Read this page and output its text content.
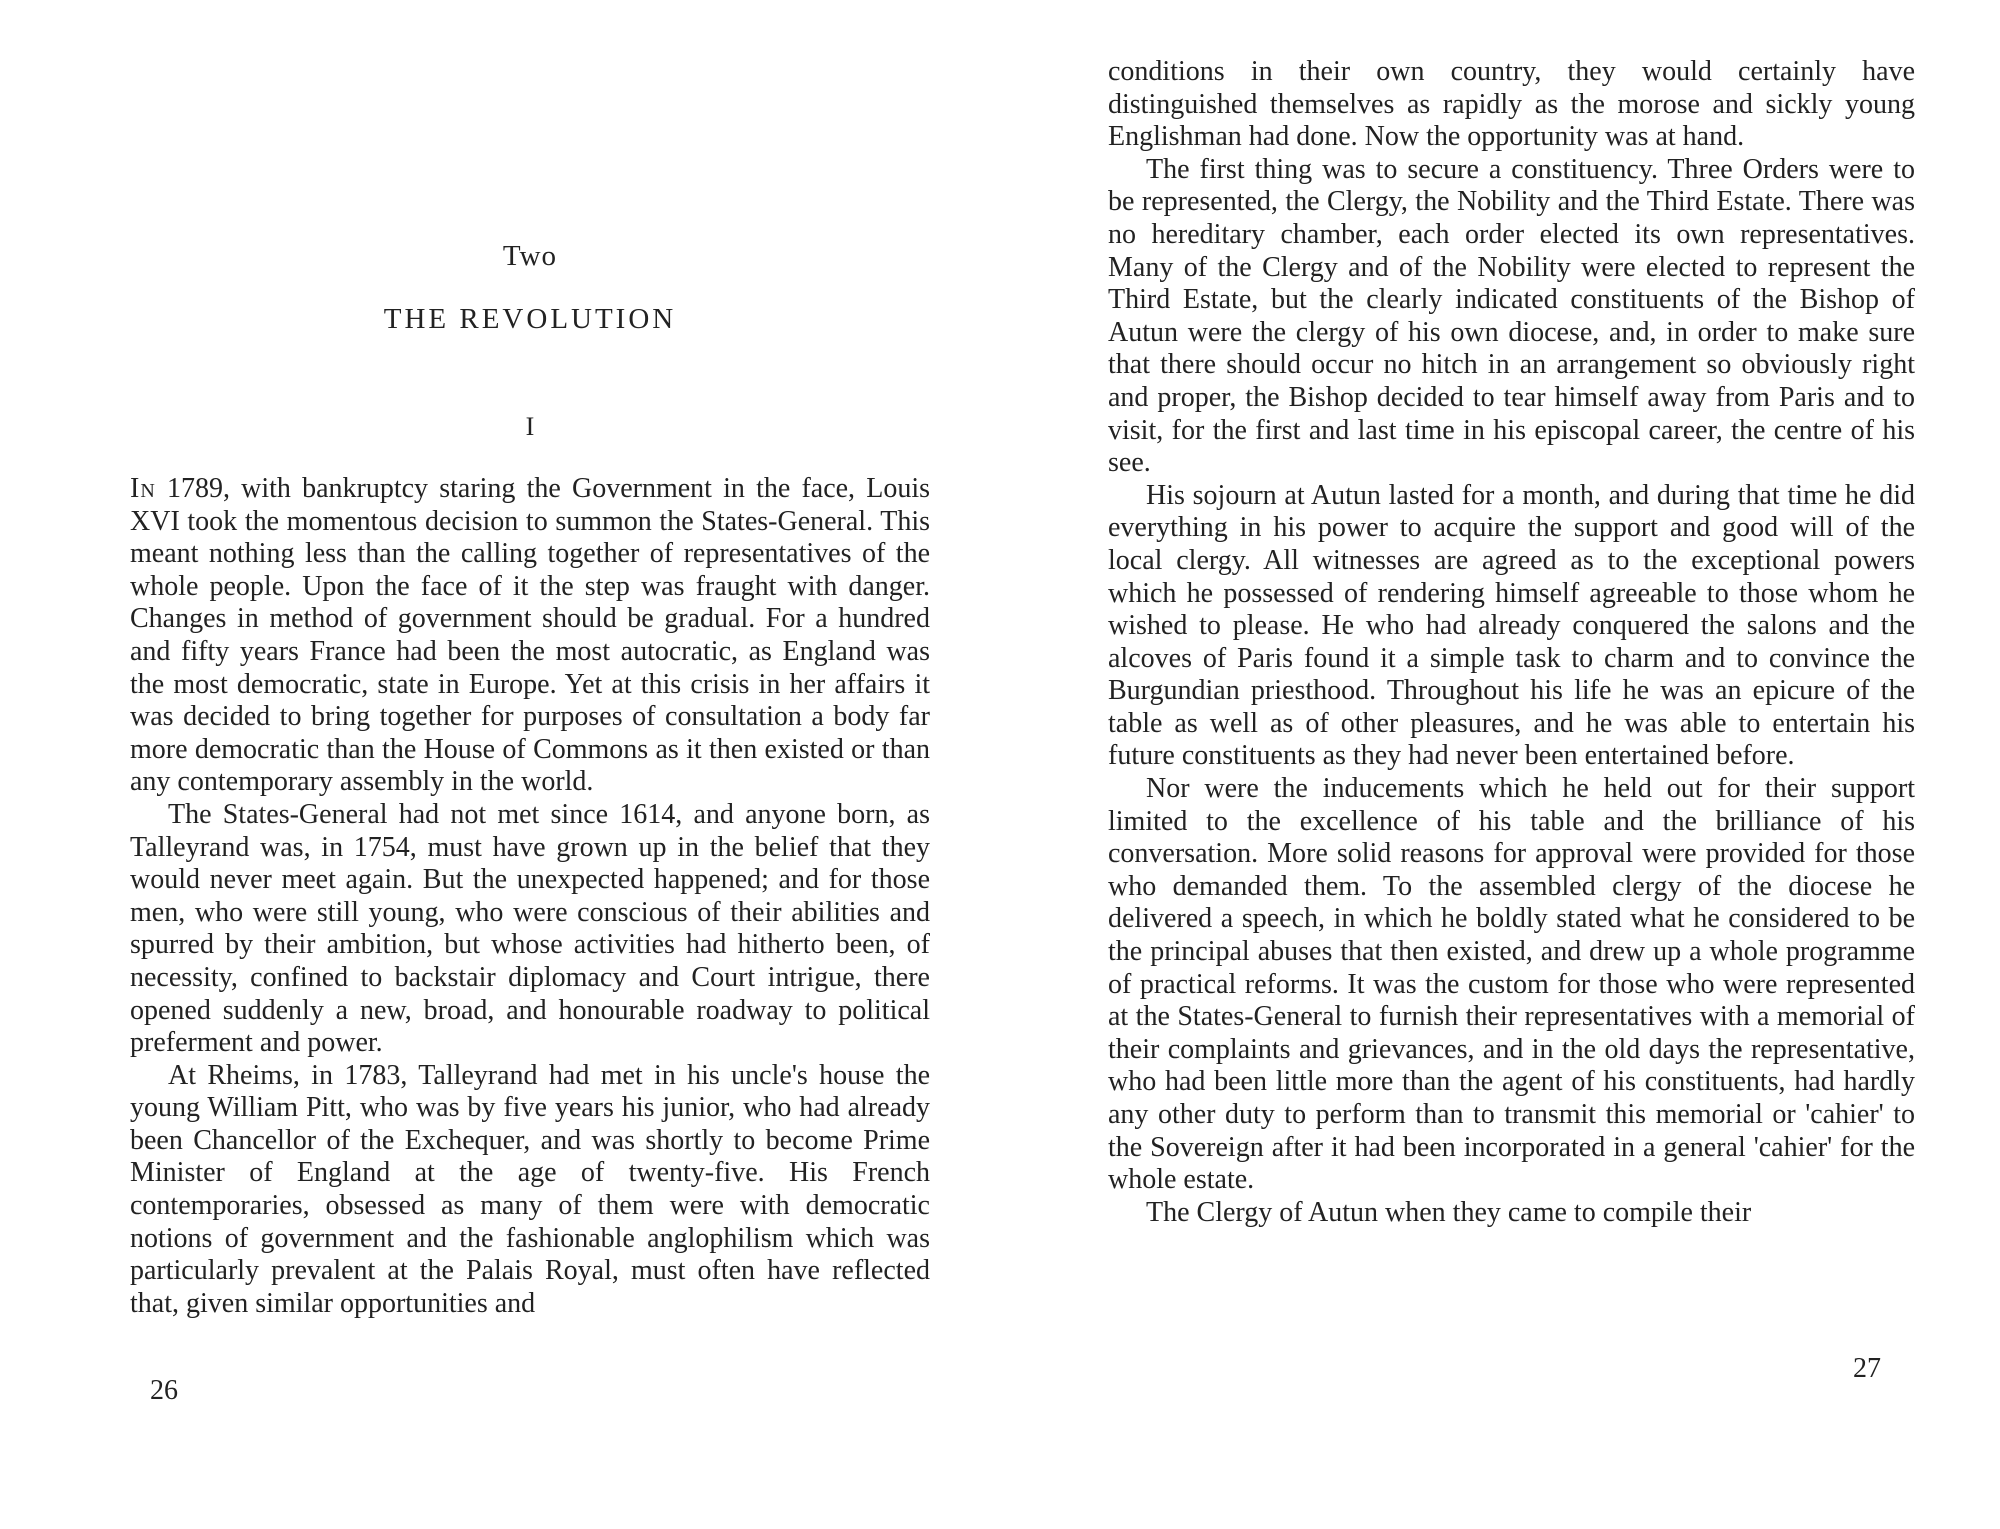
Two
THE REVOLUTION
I

In 1789, with bankruptcy staring the Government in the face, Louis XVI took the momentous decision to summon the States-General. This meant nothing less than the calling together of representatives of the whole people. Upon the face of it the step was fraught with danger. Changes in method of government should be gradual. For a hundred and fifty years France had been the most autocratic, as England was the most democratic, state in Europe. Yet at this crisis in her affairs it was decided to bring together for purposes of consultation a body far more democratic than the House of Commons as it then existed or than any contemporary assembly in the world.

The States-General had not met since 1614, and anyone born, as Talleyrand was, in 1754, must have grown up in the belief that they would never meet again. But the unexpected happened; and for those men, who were still young, who were conscious of their abilities and spurred by their ambition, but whose activities had hitherto been, of necessity, confined to backstair diplomacy and Court intrigue, there opened suddenly a new, broad, and honourable roadway to political preferment and power.

At Rheims, in 1783, Talleyrand had met in his uncle's house the young William Pitt, who was by five years his junior, who had already been Chancellor of the Exchequer, and was shortly to become Prime Minister of England at the age of twenty-five. His French contemporaries, obsessed as many of them were with democratic notions of government and the fashionable anglophilism which was particularly prevalent at the Palais Royal, must often have reflected that, given similar opportunities and

26

conditions in their own country, they would certainly have distinguished themselves as rapidly as the morose and sickly young Englishman had done. Now the opportunity was at hand.

The first thing was to secure a constituency. Three Orders were to be represented, the Clergy, the Nobility and the Third Estate. There was no hereditary chamber, each order elected its own representatives. Many of the Clergy and of the Nobility were elected to represent the Third Estate, but the clearly indicated constituents of the Bishop of Autun were the clergy of his own diocese, and, in order to make sure that there should occur no hitch in an arrangement so obviously right and proper, the Bishop decided to tear himself away from Paris and to visit, for the first and last time in his episcopal career, the centre of his see.

His sojourn at Autun lasted for a month, and during that time he did everything in his power to acquire the support and good will of the local clergy. All witnesses are agreed as to the exceptional powers which he possessed of rendering himself agreeable to those whom he wished to please. He who had already conquered the salons and the alcoves of Paris found it a simple task to charm and to convince the Burgundian priesthood. Throughout his life he was an epicure of the table as well as of other pleasures, and he was able to entertain his future constituents as they had never been entertained before.

Nor were the inducements which he held out for their support limited to the excellence of his table and the brilliance of his conversation. More solid reasons for approval were provided for those who demanded them. To the assembled clergy of the diocese he delivered a speech, in which he boldly stated what he considered to be the principal abuses that then existed, and drew up a whole programme of practical reforms. It was the custom for those who were represented at the States-General to furnish their representatives with a memorial of their complaints and grievances, and in the old days the representative, who had been little more than the agent of his constituents, had hardly any other duty to perform than to transmit this memorial or 'cahier' to the Sovereign after it had been incorporated in a general 'cahier' for the whole estate.

The Clergy of Autun when they came to compile their

27
